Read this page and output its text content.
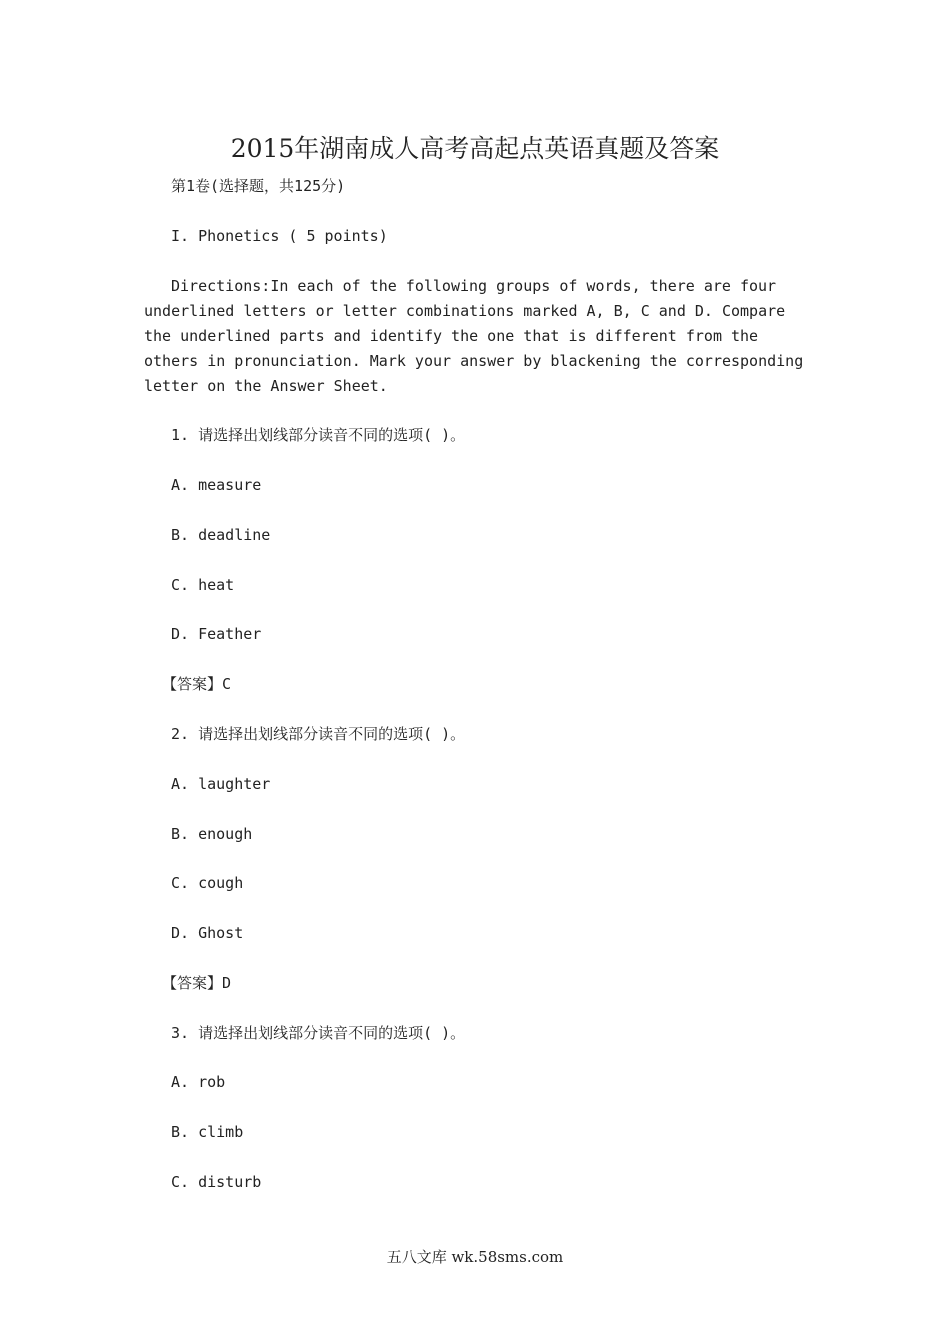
2015年湖南成人高考高起点英语真题及答案
第1卷(选择题，共125分)
I. Phonetics ( 5 points)

Directions:In each of the following groups of words, there are four underlined letters or letter combinations marked A, B, C and D. Compare the underlined parts and identify the one that is different from the others in pronunciation. Mark your answer by blackening the corresponding letter on the Answer Sheet.

1. 请选择出划线部分读音不同的选项( )。
A. measure
B. deadline
C. heat
D. Feather
【答案】C
2. 请选择出划线部分读音不同的选项( )。
A. laughter
B. enough
C. cough
D. Ghost
【答案】D
3. 请选择出划线部分读音不同的选项( )。
A. rob
B. climb
C. disturb
五八文库 wk.58sms.com
